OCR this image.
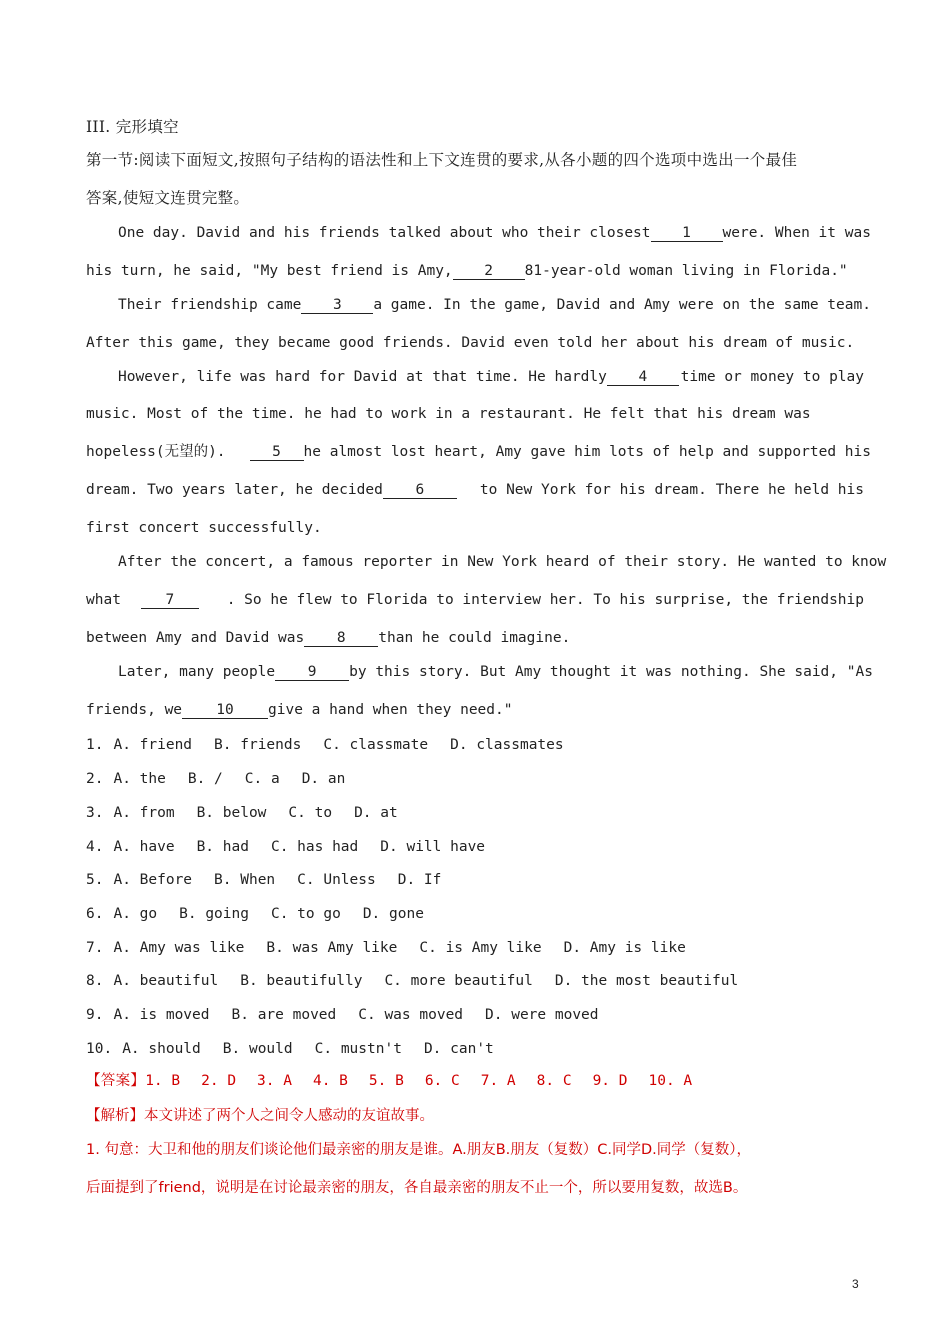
III. 完形填空
第一节:阅读下面短文,按照句子结构的语法性和上下文连贯的要求,从各小题的四个选项中选出一个最佳
答案,使短文连贯完整。
One day. David and his friends talked about who their closest	1 were. When it was
his turn, he said, "My best friend is Amy, 2 81-year-old woman living in Florida."
Their friendship came 3	a game. In the game, David and Amy were on the same team.
After this game, they became good friends. David even told her about his dream of music.
However, life was hard for David at that time. He hardly 4	time or money to play
music. Most of the time. he had to work in a restaurant. He felt that his dream was
hopeless(无望的).	5	he almost lost heart, Amy gave him lots of help and supported his
dream. Two years later, he decided 6	to New York for his dream. There he held his
first concert successfully.
After the concert, a famous reporter in New York heard of their story. He wanted to know
what	7	. So he flew to Florida to interview her. To his surprise, the friendship
between Amy and David was 8 than he could imagine.
Later, many people 9	by this story. But Amy thought it was nothing. She said, "As
friends, we 10 give a hand when they need."
1. A. friend B. friends C. classmate D. classmates
2. A. the B. / C. a D. an
3. A. from B. below C. to D. at
4. A. have B. had C. has had D. will have
5. A. Before B. When C. Unless D. If
6. A. go B. going C. to go D. gone
7. A. Amy was like B. was Amy like C. is Amy like D. Amy is like
8. A. beautiful B. beautifully C. more beautiful D. the most beautiful
9. A. is moved B. are moved C. was moved D. were moved
10. A. should B. would C. mustn't D. can't
【答案】1. B 2. D 3. A 4. B 5. B 6. C 7. A 8. C 9. D 10. A
【解析】本文讲述了两个人之间令人感动的友谊故事。
1. 句意：大卫和他的朋友们谈论他们最亲密的朋友是谁。A.朋友B.朋友（复数）C.同学D.同学（复数），
后面提到了friend，说明是在讨论最亲密的朋友，各自最亲密的朋友不止一个，所以要用复数，故选B。
3
